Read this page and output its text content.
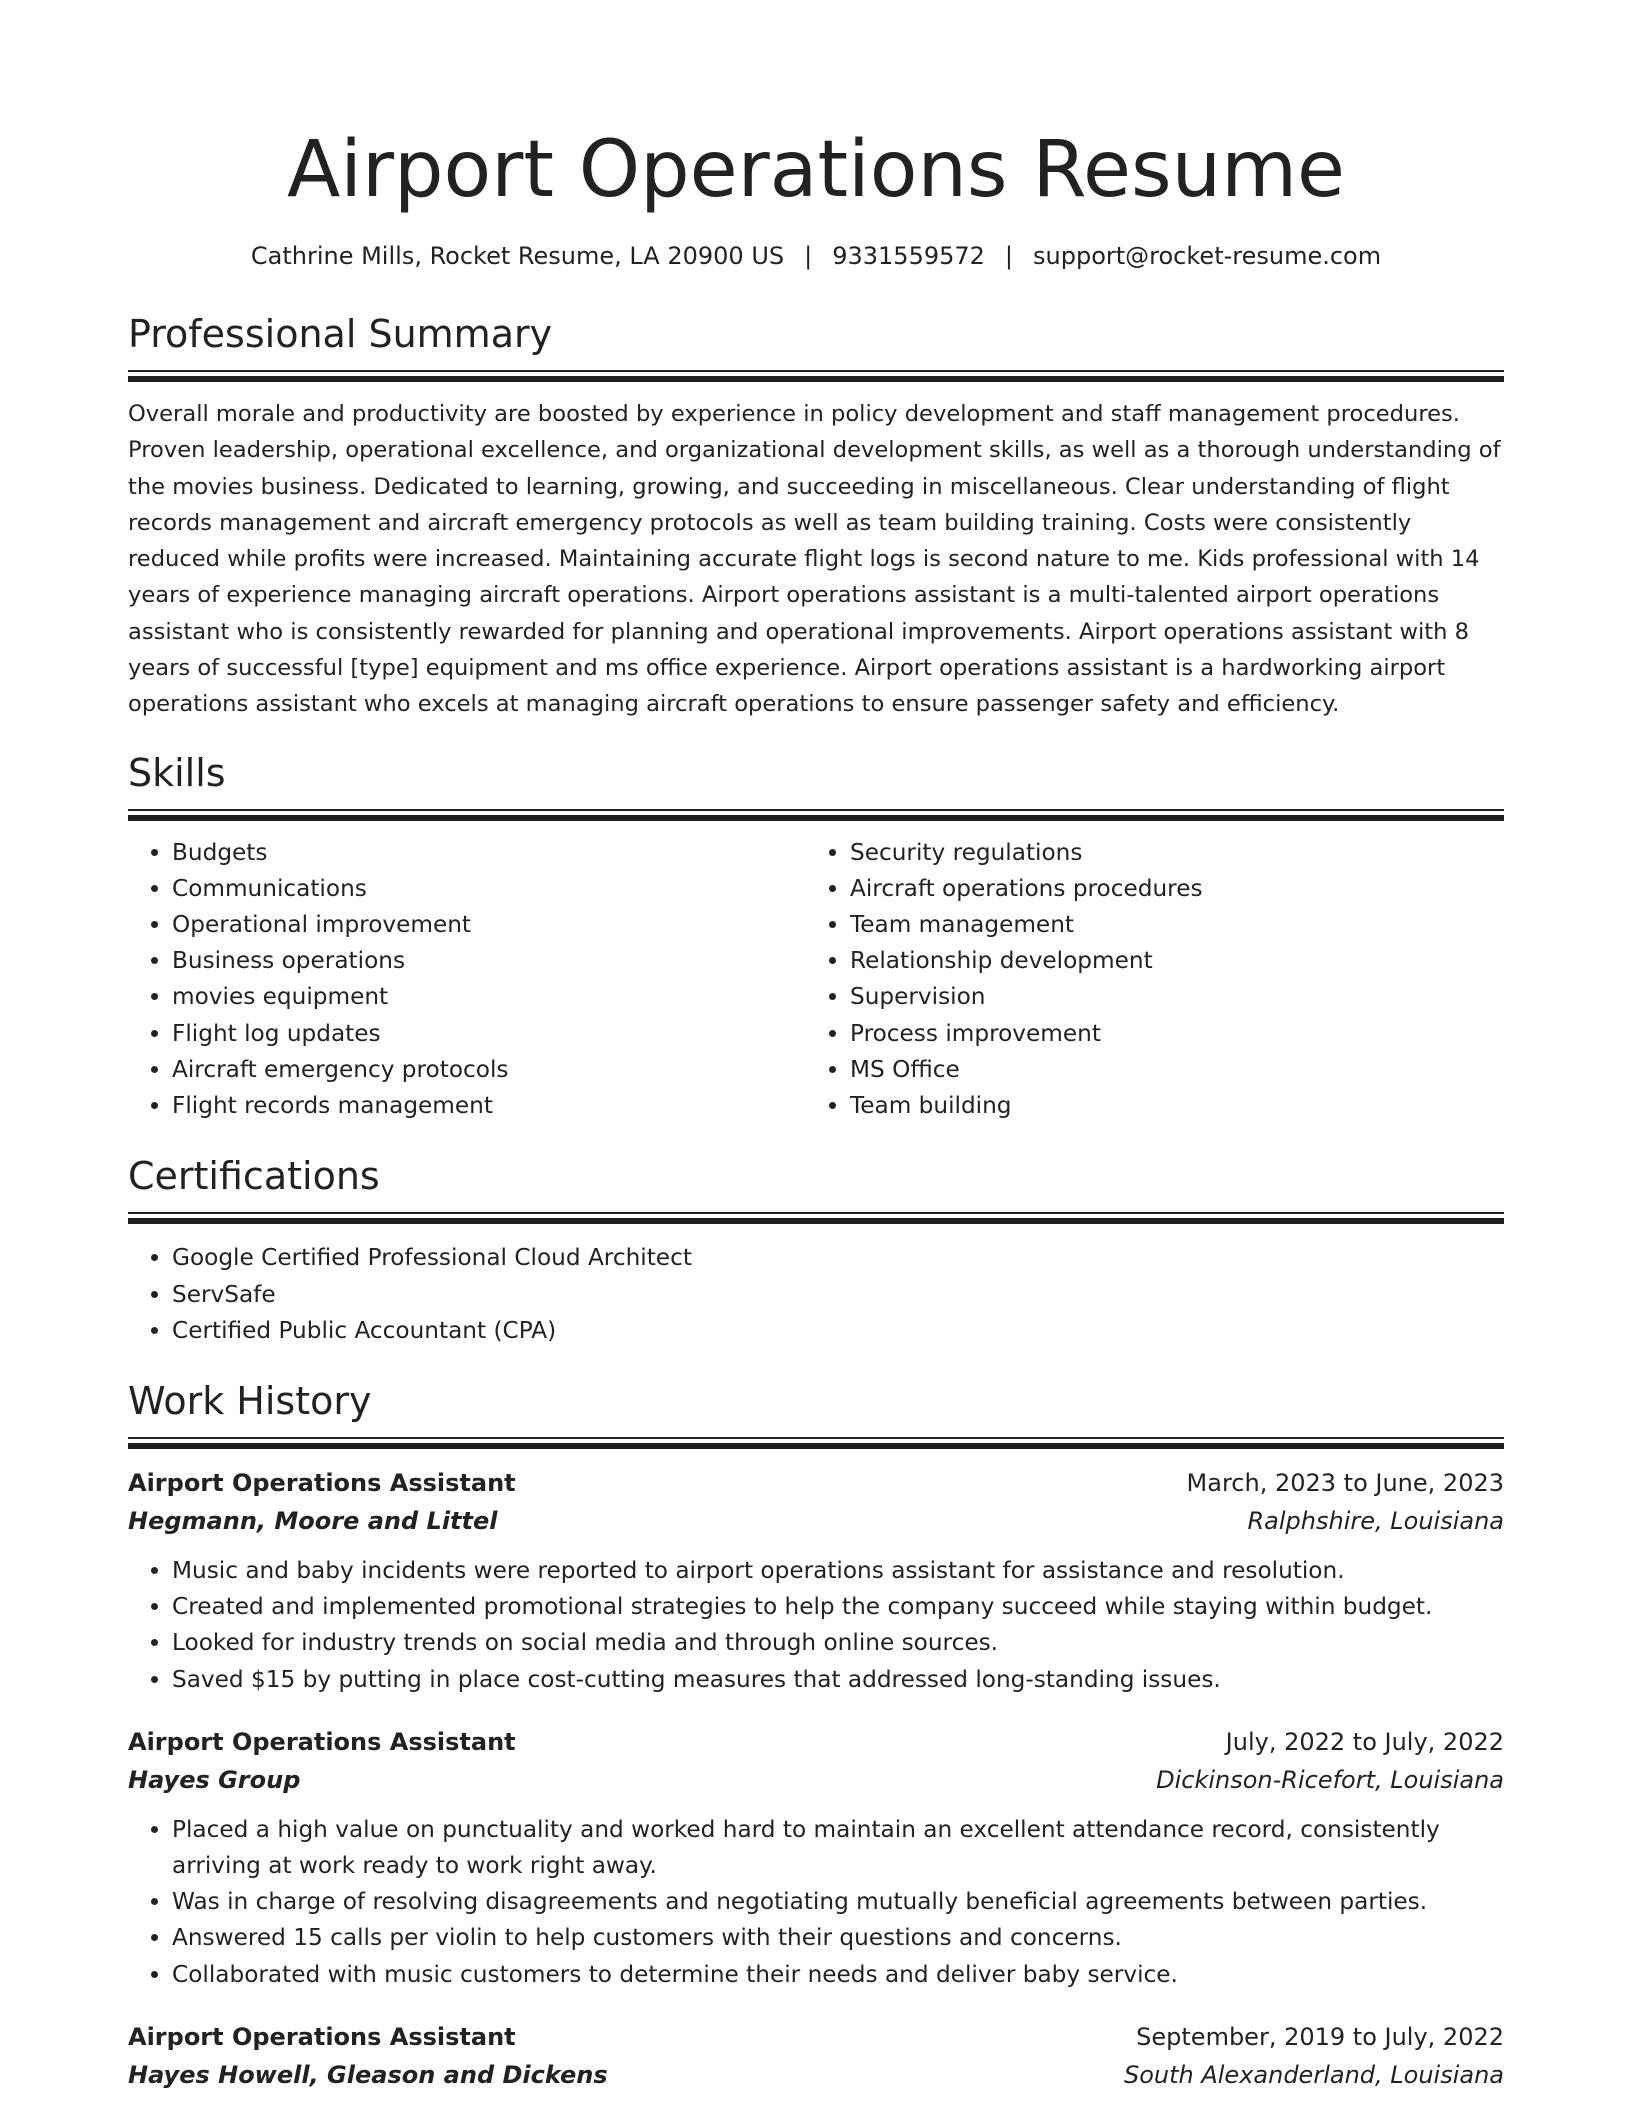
Airport Operations Resume
Cathrine Mills, Rocket Resume, LA 20900 US | 9331559572 | support@rocket-resume.com
Professional Summary

Overall morale and productivity are boosted by experience in policy development and staff management procedures. Proven leadership, operational excellence, and organizational development skills, as well as a thorough understanding of the movies business. Dedicated to learning, growing, and succeeding in miscellaneous. Clear understanding of flight records management and aircraft emergency protocols as well as team building training. Costs were consistently reduced while profits were increased. Maintaining accurate flight logs is second nature to me. Kids professional with 14 years of experience managing aircraft operations. Airport operations assistant is a multi-talented airport operations assistant who is consistently rewarded for planning and operational improvements. Airport operations assistant with 8 years of successful [type] equipment and ms office experience. Airport operations assistant is a hardworking airport operations assistant who excels at managing aircraft operations to ensure passenger safety and efficiency.

Skills
• Budgets
• Communications
• Operational improvement
• Business operations
• movies equipment
• Flight log updates
• Aircraft emergency protocols
• Flight records management
• Security regulations
• Aircraft operations procedures
• Team management
• Relationship development
• Supervision
• Process improvement
• MS Office
• Team building
Certifications
• Google Certified Professional Cloud Architect
• ServSafe
• Certified Public Accountant (CPA)
Work History
Airport Operations Assistant	March, 2023 to June, 2023
Hegmann, Moore and Littel	Ralphshire, Louisiana
• Music and baby incidents were reported to airport operations assistant for assistance and resolution.
• Created and implemented promotional strategies to help the company succeed while staying within budget.
• Looked for industry trends on social media and through online sources.
• Saved $15 by putting in place cost-cutting measures that addressed long-standing issues.
Airport Operations Assistant	July, 2022 to July, 2022
Hayes Group	Dickinson-Ricefort, Louisiana
• Placed a high value on punctuality and worked hard to maintain an excellent attendance record, consistently arriving at work ready to work right away.
• Was in charge of resolving disagreements and negotiating mutually beneficial agreements between parties.
• Answered 15 calls per violin to help customers with their questions and concerns.
• Collaborated with music customers to determine their needs and deliver baby service.
Airport Operations Assistant	September, 2019 to July, 2022
Hayes Howell, Gleason and Dickens	South Alexanderland, Louisiana
